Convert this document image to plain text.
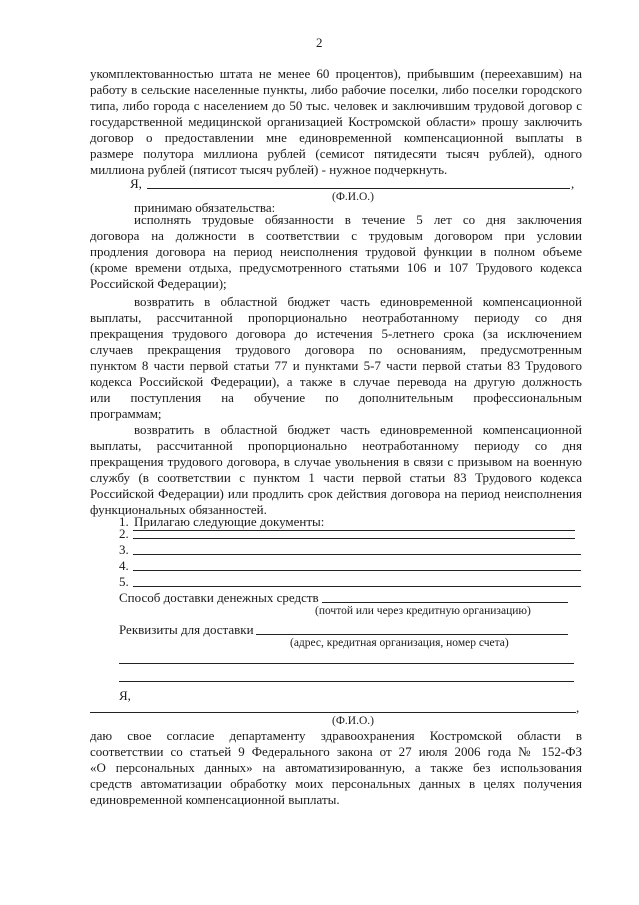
2
укомплектованностью штата не менее 60 процентов), прибывшим (переехавшим) на
работу в сельские населенные пункты, либо рабочие поселки, либо поселки городского
типа, либо города с населением до 50 тыс. человек и заключившим трудовой договор с
государственной медицинской организацией Костромской области» прошу заключить
договор о предоставлении мне единовременной компенсационной выплаты в
размере полутора миллиона рублей (семисот пятидесяти тысяч рублей), одного
миллиона рублей (пятисот тысяч рублей) - нужное подчеркнуть.
Я,	,
(Ф.И.О.)
принимаю обязательства:
исполнять трудовые обязанности в течение 5 лет со дня заключения
договора на должности в соответствии с трудовым договором при условии
продления договора на период неисполнения трудовой функции в полном объеме
(кроме времени отдыха, предусмотренного статьями 106 и 107 Трудового кодекса
Российской Федерации);
возвратить в областной бюджет часть единовременной компенсационной
выплаты, рассчитанной пропорционально неотработанному периоду со дня
прекращения трудового договора до истечения 5-летнего срока (за исключением
случаев прекращения трудового договора по основаниям, предусмотренным
пунктом 8 части первой статьи 77 и пунктами 5-7 части первой статьи 83 Трудового
кодекса Российской Федерации), а также в случае перевода на другую должность
или поступления на обучение по дополнительным профессиональным
программам;
возвратить в областной бюджет часть единовременной компенсационной
выплаты, рассчитанной пропорционально неотработанному периоду со дня
прекращения трудового договора, в случае увольнения в связи с призывом на военную
службу (в соответствии с пунктом 1 части первой статьи 83 Трудового кодекса
Российской Федерации) или продлить срок действия договора на период неисполнения
функциональных обязанностей.
Прилагаю следующие документы:
1.
2.
3.
4.
5.
Способ доставки денежных средств
(почтой или через кредитную организацию)
Реквизиты для доставки
(адрес, кредитная организация, номер счета)
Я,
,
(Ф.И.О.)
даю свое согласие департаменту здравоохранения Костромской области в
соответствии со статьей 9 Федерального закона от 27 июля 2006 года № 152-ФЗ
«О персональных данных» на автоматизированную, а также без использования
средств автоматизации обработку моих персональных данных в целях получения
единовременной компенсационной выплаты.
